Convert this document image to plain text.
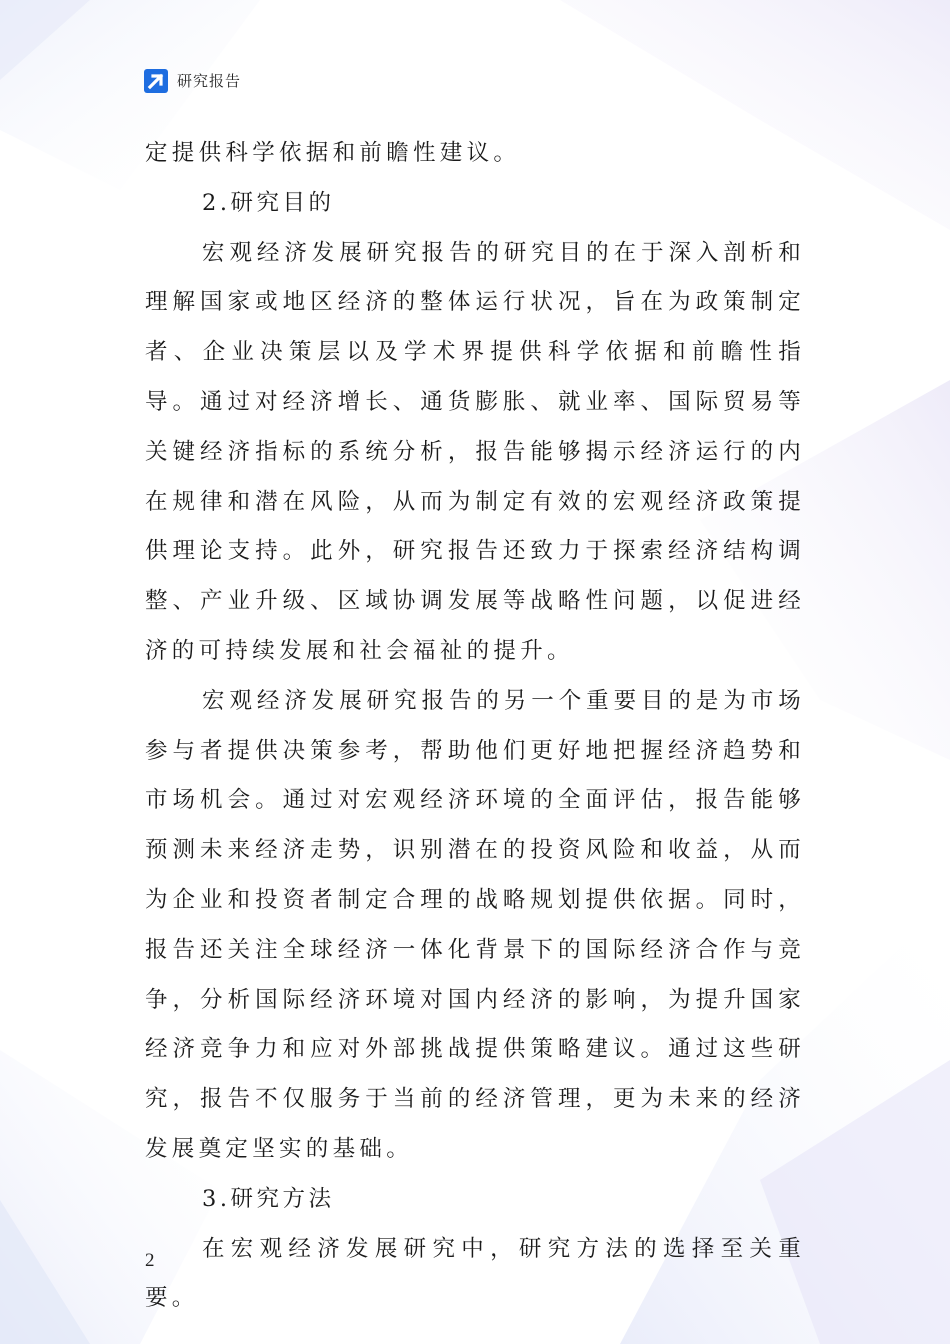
研究报告

定提供科学依据和前瞻性建议。

2.研究目的

宏观经济发展研究报告的研究目的在于深入剖析和理解国家或地区经济的整体运行状况，旨在为政策制定者、企业决策层以及学术界提供科学依据和前瞻性指导。通过对经济增长、通货膨胀、就业率、国际贸易等关键经济指标的系统分析，报告能够揭示经济运行的内在规律和潜在风险，从而为制定有效的宏观经济政策提供理论支持。此外，研究报告还致力于探索经济结构调整、产业升级、区域协调发展等战略性问题，以促进经济的可持续发展和社会福祉的提升。

宏观经济发展研究报告的另一个重要目的是为市场参与者提供决策参考，帮助他们更好地把握经济趋势和市场机会。通过对宏观经济环境的全面评估，报告能够预测未来经济走势，识别潜在的投资风险和收益，从而为企业和投资者制定合理的战略规划提供依据。同时，报告还关注全球经济一体化背景下的国际经济合作与竞争，分析国际经济环境对国内经济的影响，为提升国家经济竞争力和应对外部挑战提供策略建议。通过这些研究，报告不仅服务于当前的经济管理，更为未来的经济发展奠定坚实的基础。

3.研究方法

在宏观经济发展研究中，研究方法的选择至关重要。

2
